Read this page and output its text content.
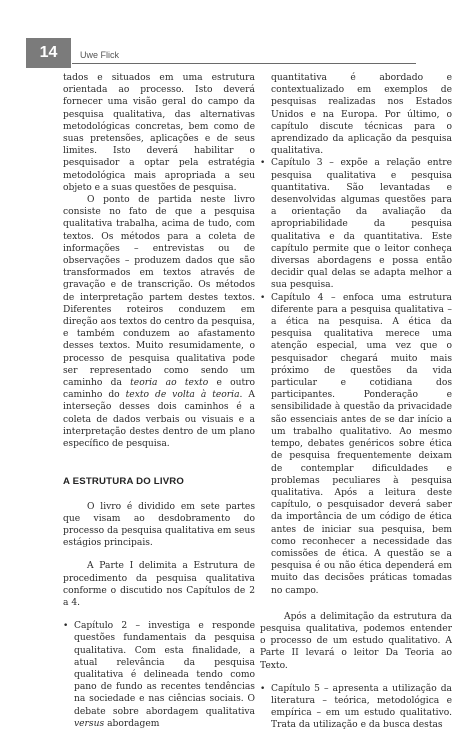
14	Uwe Flick

tados e situados em uma estrutura orientada ao processo. Isto deverá fornecer uma visão geral do campo da pesquisa qualitativa, das alternativas metodológicas concretas, bem como de suas pretensões, aplicações e de seus limites. Isto deverá habilitar o pesquisador a optar pela estratégia metodológica mais apropriada a seu objeto e a suas questões de pesquisa.

O ponto de partida neste livro consiste no fato de que a pesquisa qualitativa trabalha, acima de tudo, com textos. Os métodos para a coleta de informações – entrevistas ou de observações – produzem dados que são transformados em textos através de gravação e de transcrição. Os métodos de interpretação partem destes textos. Diferentes roteiros conduzem em direção aos textos do centro da pesquisa, e também conduzem ao afastamento desses textos. Muito resumidamente, o processo de pesquisa qualitativa pode ser representado como sendo um caminho da teoria ao texto e outro caminho do texto de volta à teoria. A interseção desses dois caminhos é a coleta de dados verbais ou visuais e a interpretação destes dentro de um plano específico de pesquisa.

A ESTRUTURA DO LIVRO

O livro é dividido em sete partes que visam ao desdobramento do processo da pesquisa qualitativa em seus estágios principais.

A Parte I delimita a Estrutura de procedimento da pesquisa qualitativa conforme o discutido nos Capítulos de 2 a 4.

• Capítulo 2 – investiga e responde questões fundamentais da pesquisa qualitativa. Com esta finalidade, a atual relevância da pesquisa qualitativa é delineada tendo como pano de fundo as recentes tendências na sociedade e nas ciências sociais. O debate sobre abordagem qualitativa versus abordagem

quantitativa é abordado e contextualizado em exemplos de pesquisas realizadas nos Estados Unidos e na Europa. Por último, o capítulo discute técnicas para o aprendizado da aplicação da pesquisa qualitativa.

• Capítulo 3 – expõe a relação entre pesquisa qualitativa e pesquisa quantitativa. São levantadas e desenvolvidas algumas questões para a orientação da avaliação da apropriabilidade da pesquisa qualitativa e da quantitativa. Este capítulo permite que o leitor conheça diversas abordagens e possa então decidir qual delas se adapta melhor a sua pesquisa.

• Capítulo 4 – enfoca uma estrutura diferente para a pesquisa qualitativa – a ética na pesquisa. A ética da pesquisa qualitativa merece uma atenção especial, uma vez que o pesquisador chegará muito mais próximo de questões da vida particular e cotidiana dos participantes. Ponderação e sensibilidade à questão da privacidade são essenciais antes de se dar início a um trabalho qualitativo. Ao mesmo tempo, debates genéricos sobre ética de pesquisa frequentemente deixam de contemplar dificuldades e problemas peculiares à pesquisa qualitativa. Após a leitura deste capítulo, o pesquisador deverá saber da importância de um código de ética antes de iniciar sua pesquisa, bem como reconhecer a necessidade das comissões de ética. A questão se a pesquisa é ou não ética dependerá em muito das decisões práticas tomadas no campo.

Após a delimitação da estrutura da pesquisa qualitativa, podemos entender o processo de um estudo qualitativo. A Parte II levará o leitor Da Teoria ao Texto.

• Capítulo 5 – apresenta a utilização da literatura – teórica, metodológica e empírica – em um estudo qualitativo. Trata da utilização e da busca destas
